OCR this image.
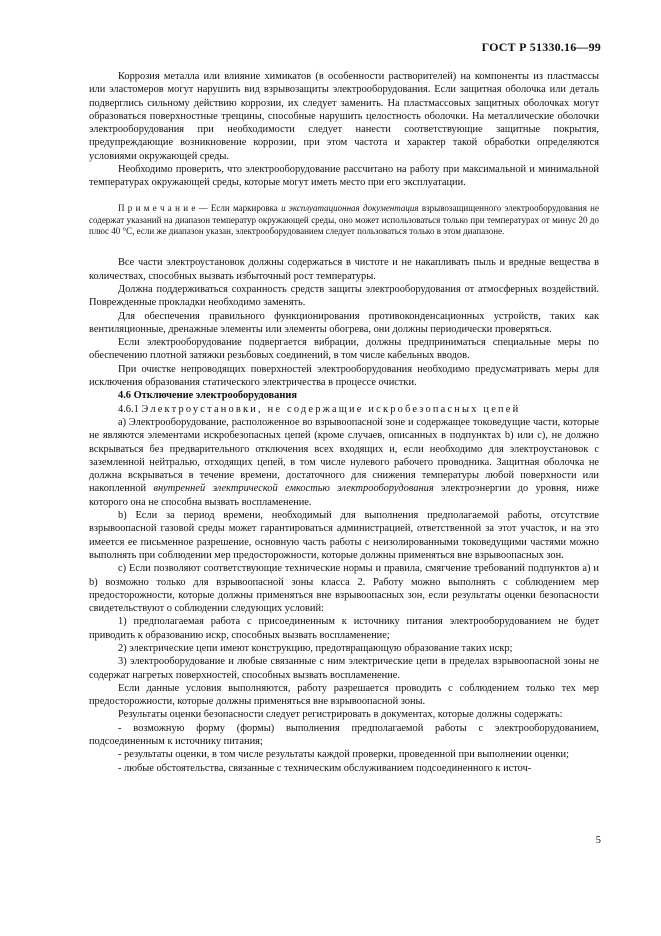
ГОСТ Р 51330.16—99

Коррозия металла или влияние химикатов (в особенности растворителей) на компоненты из пластмассы или эластомеров могут нарушить вид взрывозащиты электрооборудования. Если защитная оболочка или деталь подверглись сильному действию коррозии, их следует заменить. На пластмассовых защитных оболочках могут образоваться поверхностные трещины, способные нарушить целостность оболочки. На металлические оболочки электрооборудования при необходимости следует нанести соответствующие защитные покрытия, предупреждающие возникновение коррозии, при этом частота и характер такой обработки определяются условиями окружающей среды.

Необходимо проверить, что электрооборудование рассчитано на работу при максимальной и минимальной температурах окружающей среды, которые могут иметь место при его эксплуатации.

П р и м е ч а н и е — Если маркировка и эксплуатационная документация взрывозащищенного электрооборудования не содержат указаний на диапазон температур окружающей среды, оно может использоваться только при температурах от минус 20 до плюс 40 °С, если же диапазон указан, электрооборудованием следует пользоваться только в этом диапазоне.

Все части электроустановок должны содержаться в чистоте и не накапливать пыль и вредные вещества в количествах, способных вызвать избыточный рост температуры.

Должна поддерживаться сохранность средств защиты электрооборудования от атмосферных воздействий. Поврежденные прокладки необходимо заменять.

Для обеспечения правильного функционирования противоконденсационных устройств, таких как вентиляционные, дренажные элементы или элементы обогрева, они должны периодически проверяться.

Если электрооборудование подвергается вибрации, должны предприниматься специальные меры по обеспечению плотной затяжки резьбовых соединений, в том числе кабельных вводов.

При очистке непроводящих поверхностей электрооборудования необходимо предусматривать меры для исключения образования статического электричества в процессе очистки.

4.6 Отключение электрооборудования

4.6.1 Электроустановки, не содержащие искробезопасных цепей

а) Электрооборудование, расположенное во взрывоопасной зоне и содержащее токоведущие части, которые не являются элементами искробезопасных цепей (кроме случаев, описанных в подпунктах b) или с), не должно вскрываться без предварительного отключения всех входящих и, если необходимо для электроустановок с заземленной нейтралью, отходящих цепей, в том числе нулевого рабочего проводника. Защитная оболочка не должна вскрываться в течение времени, достаточного для снижения температуры любой поверхности или накопленной внутренней электрической емкостью электрооборудования электроэнергии до уровня, ниже которого она не способна вызвать воспламенение.

b) Если за период времени, необходимый для выполнения предполагаемой работы, отсутствие взрывоопасной газовой среды может гарантироваться администрацией, ответственной за этот участок, и на это имеется ее письменное разрешение, основную часть работы с неизолированными токоведущими частями можно выполнять при соблюдении мер предосторожности, которые должны применяться вне взрывоопасных зон.

с) Если позволяют соответствующие технические нормы и правила, смягчение требований подпунктов а) и b) возможно только для взрывоопасной зоны класса 2. Работу можно выполнять с соблюдением мер предосторожности, которые должны применяться вне взрывоопасных зон, если результаты оценки безопасности свидетельствуют о соблюдении следующих условий:

1) предполагаемая работа с присоединенным к источнику питания электрооборудованием не будет приводить к образованию искр, способных вызвать воспламенение;

2) электрические цепи имеют конструкцию, предотвращающую образование таких искр;

3) электрооборудование и любые связанные с ним электрические цепи в пределах взрывоопасной зоны не содержат нагретых поверхностей, способных вызвать воспламенение.

Если данные условия выполняются, работу разрешается проводить с соблюдением только тех мер предосторожности, которые должны применяться вне взрывоопасной зоны.

Результаты оценки безопасности следует регистрировать в документах, которые должны содержать:

- возможную форму (формы) выполнения предполагаемой работы с электрооборудованием, подсоединенным к источнику питания;

- результаты оценки, в том числе результаты каждой проверки, проведенной при выполнении оценки;

- любые обстоятельства, связанные с техническим обслуживанием подсоединенного к источ-

5
